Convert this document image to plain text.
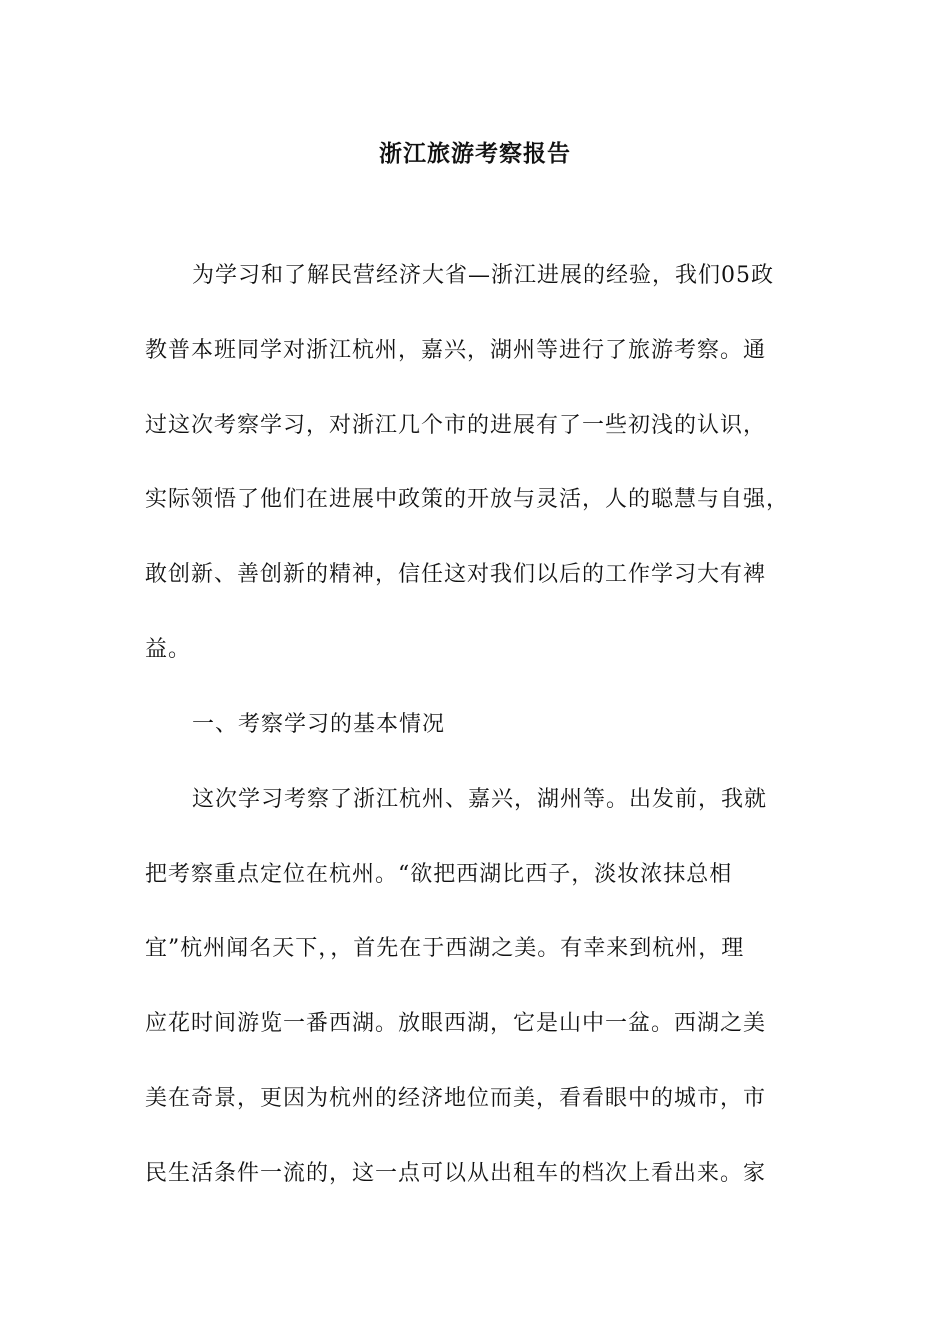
浙江旅游考察报告
为学习和了解民营经济大省—浙江进展的经验，我们05政
教普本班同学对浙江杭州，嘉兴，湖州等进行了旅游考察。通
过这次考察学习，对浙江几个市的进展有了一些初浅的认识，
实际领悟了他们在进展中政策的开放与灵活，人的聪慧与自强，
敢创新、善创新的精神，信任这对我们以后的工作学习大有裨
益。
一、考察学习的基本情况
这次学习考察了浙江杭州、嘉兴，湖州等。出发前，我就
把考察重点定位在杭州。“欲把西湖比西子，淡妆浓抹总相
宜”杭州闻名天下，，首先在于西湖之美。有幸来到杭州，理
应花时间游览一番西湖。放眼西湖，它是山中一盆。西湖之美
美在奇景，更因为杭州的经济地位而美，看看眼中的城市，市
民生活条件一流的，这一点可以从出租车的档次上看出来。家
